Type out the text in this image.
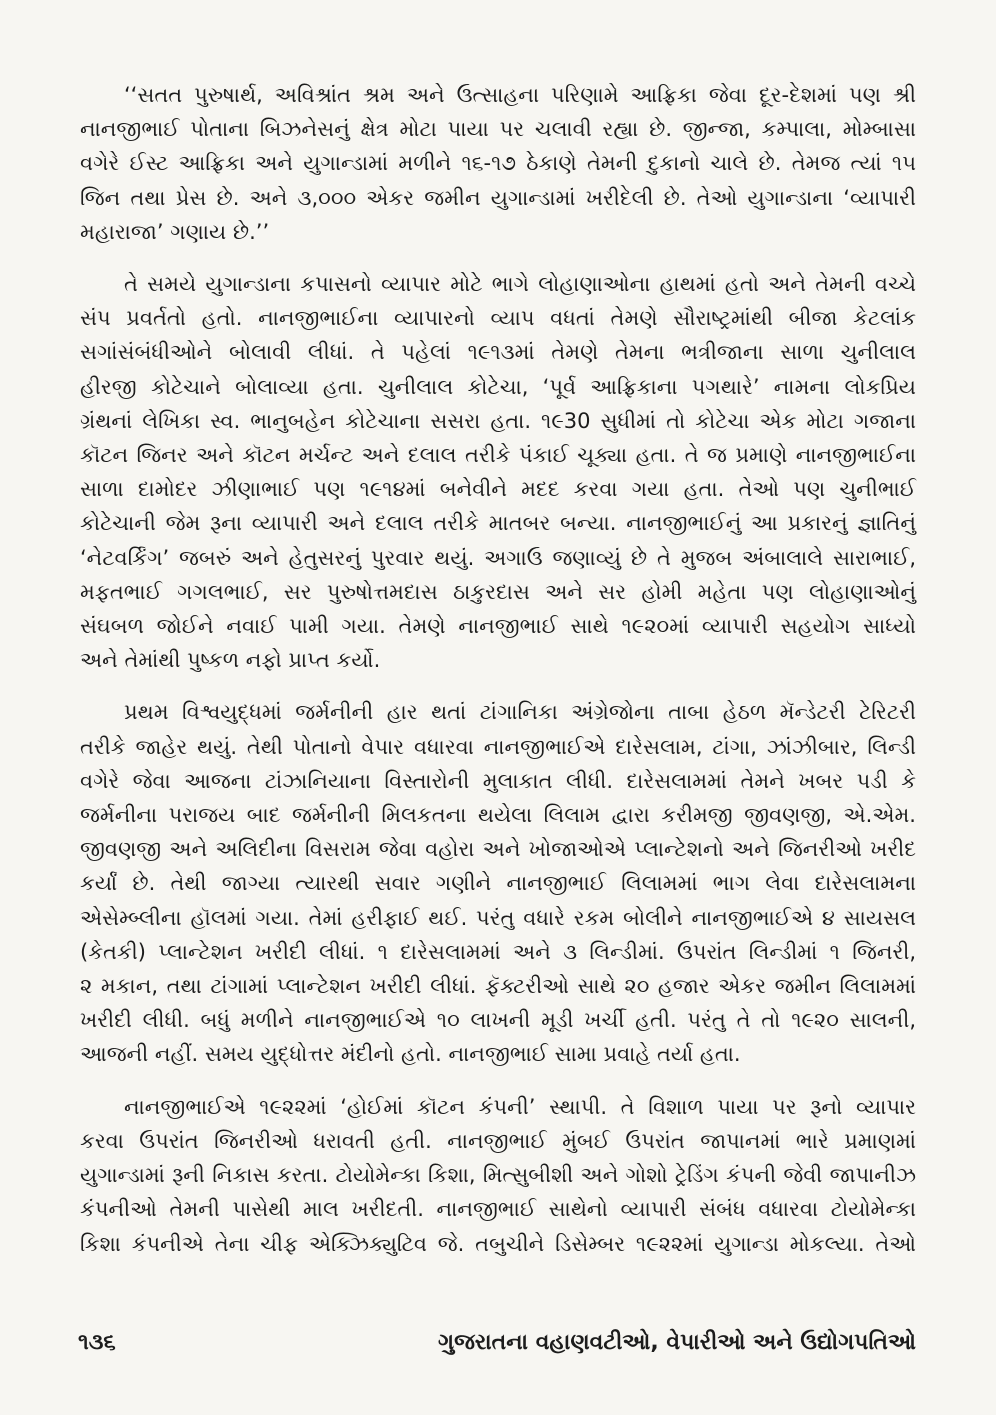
‘‘સતત પુરુષાર્થ, અવિશ્રાંત શ્રમ અને ઉત્સાહના પરિણામે આફ્રિકા જેવા દૂર-દેશમાં પણ શ્રી
નાનજીભાઈ પોતાના બિઝનેસનું ક્ષેત્ર મોટા પાયા પર ચલાવી રહ્યા છે. જીન્જા, કમ્પાલા, મોમ્બાસા
વગેરે ઈસ્ટ આફ્રિકા અને યુગાન્ડામાં મળીને ૧૬-૧૭ ઠેકાણે તેમની દુકાનો ચાલે છે. તેમજ ત્યાં ૧૫
જિન તથા પ્રેસ છે. અને ૩,૦૦૦ એકર જમીન યુગાન્ડામાં ખરીદેલી છે. તેઓ યુગાન્ડાના ‘વ્યાપારી
મહારાજા’ ગણાય છે.’’
તે સમયે યુગાન્ડાના કપાસનો વ્યાપાર મોટે ભાગે લોહાણાઓના હાથમાં હતો અને તેમની વચ્ચે
સંપ પ્રવર્તતો હતો. નાનજીભાઈના વ્યાપારનો વ્યાપ વધતાં તેમણે સૌરાષ્ટ્રમાંથી બીજા કેટલાંક
સગાંસંબંધીઓને બોલાવી લીધાં. તે પહેલાં ૧૯૧૩માં તેમણે તેમના ભત્રીજાના સાળા ચુનીલાલ
હીરજી કોટેચાને બોલાવ્યા હતા. ચુનીલાલ કોટેચા, ‘પૂર્વ આફ્રિકાના પગથારે’ નામના લોકપ્રિય
ગ્રંથનાં લેખિકા સ્વ. ભાનુબહેન કોટેચાના સસરા હતા. ૧૯30 સુધીમાં તો કોટેચા એક મોટા ગજાના
કૉટન જિનર અને કૉટન મર્ચન્ટ અને દલાલ તરીકે પંકાઈ ચૂક્યા હતા. તે જ પ્રમાણે નાનજીભાઈના
સાળા દામોદર ઝીણાભાઈ પણ ૧૯૧૪માં બનેવીને મદદ કરવા ગયા હતા. તેઓ પણ ચુનીભાઈ
કોટેચાની જેમ રૂના વ્યાપારી અને દલાલ તરીકે માતબર બન્યા. નાનજીભાઈનું આ પ્રકારનું જ્ઞાતિનું
‘નેટવર્કિંગ’ જબરું અને હેતુસરનું પુરવાર થયું. અગાઉ જણાવ્યું છે તે મુજબ અંબાલાલે સારાભાઈ,
મફતભાઈ ગગલભાઈ, સર પુરુષોત્તમદાસ ઠાકુરદાસ અને સર હોમી મહેતા પણ લોહાણાઓનું
સંઘબળ જોઈને નવાઈ પામી ગયા. તેમણે નાનજીભાઈ સાથે ૧૯૨૦માં વ્યાપારી સહયોગ સાધ્યો
અને તેમાંથી પુષ્કળ નફો પ્રાપ્ત કર્યો.
પ્રથમ વિશ્વયુદ્ધમાં જર્મનીની હાર થતાં ટાંગાનિકા અંગ્રેજોના તાબા હેઠળ મૅન્ડેટરી ટેરિટરી
તરીકે જાહેર થયું. તેથી પોતાનો વેપાર વધારવા નાનજીભાઈએ દારેસલામ, ટાંગા, ઝાંઝીબાર, લિન્ડી
વગેરે જેવા આજના ટાંઝાનિયાના વિસ્તારોની મુલાકાત લીધી. દારેસલામમાં તેમને ખબર પડી કે
જર્મનીના પરાજય બાદ જર્મનીની મિલકતના થયેલા લિલામ દ્વારા કરીમજી જીવણજી, એ.એમ.
જીવણજી અને અલિદીના વિસરામ જેવા વહોરા અને ખોજાઓએ પ્લાન્ટેશનો અને જિનરીઓ ખરીદ
કર્યાં છે. તેથી જાગ્યા ત્યારથી સવાર ગણીને નાનજીભાઈ લિલામમાં ભાગ લેવા દારેસલામના
એસેમ્બ્લીના હૉલમાં ગયા. તેમાં હરીફાઈ થઈ. પરંતુ વધારે રકમ બોલીને નાનજીભાઈએ ૪ સાયસલ
(કેતકી) પ્લાન્ટેશન ખરીદી લીધાં. ૧ દારેસલામમાં અને ૩ લિન્ડીમાં. ઉપરાંત લિન્ડીમાં ૧ જિનરી,
૨ મકાન, તથા ટાંગામાં પ્લાન્ટેશન ખરીદી લીધાં. ફૅક્ટરીઓ સાથે ૨૦ હજાર એકર જમીન લિલામમાં
ખરીદી લીધી. બધું મળીને નાનજીભાઈએ ૧૦ લાખની મૂડી ખર્ચી હતી. પરંતુ તે તો ૧૯૨૦ સાલની,
આજની નહીં. સમય યુદ્ધોત્તર મંદીનો હતો. નાનજીભાઈ સામા પ્રવાહે તર્યા હતા.
નાનજીભાઈએ ૧૯૨૨માં ‘હોઈમાં કૉટન કંપની’ સ્થાપી. તે વિશાળ પાયા પર રૂનો વ્યાપાર
કરવા ઉપરાંત જિનરીઓ ધરાવતી હતી. નાનજીભાઈ મુંબઈ ઉપરાંત જાપાનમાં ભારે પ્રમાણમાં
યુગાન્ડામાં રૂની નિકાસ કરતા. ટોયોમેન્કા કિશા, મિત્સુબીશી અને ગોશો ટ્રેડિંગ કંપની જેવી જાપાનીઝ
કંપનીઓ તેમની પાસેથી માલ ખરીદતી. નાનજીભાઈ સાથેનો વ્યાપારી સંબંધ વધારવા ટોયોમેન્કા
કિશા કંપનીએ તેના ચીફ એક્ઝિક્યુટિવ જે. તબુચીને ડિસેમ્બર ૧૯૨૨માં યુગાન્ડા મોકલ્યા. તેઓ
૧૩૬	ગુજરાતના વહાણવટીઓ, વેપારીઓ અને ઉદ્યોગપતિઓ
